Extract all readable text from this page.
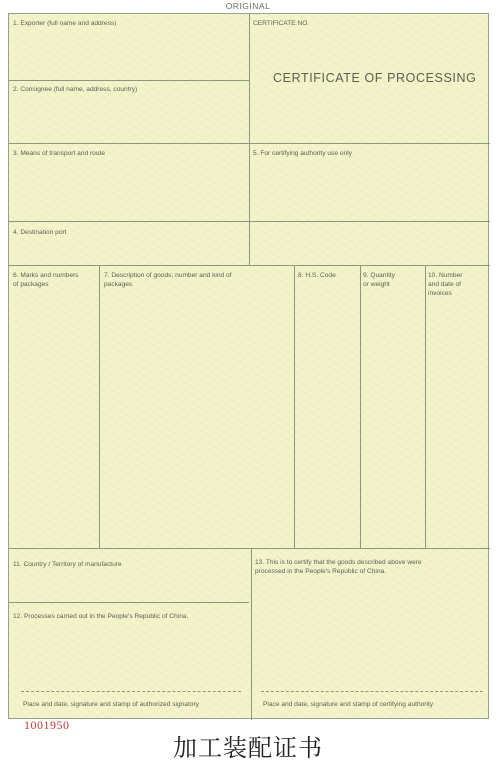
ORIGINAL
1. Exporter (full name and address)	CERTIFICATE NO.
CERTIFICATE OF PROCESSING
2. Consignee (full name, address, country)
3. Means of transport and route	5. For certifying authority use only
4. Destination port
6. Marks and numbers
of packages
7. Description of goods; number and kind of
packages
8. H.S. Code	9. Quantity
or weight
10. Number
and date of
invoices
11. Country / Territory of manufacture	13. This is to certify that the goods described above were
processed in the People's Republic of China.
12. Processes carried out in the People's Republic of China.
Place and date, signature and stamp of authorized signatory	Place and date, signature and stamp of certifying authority
1001950
加工装配证书
